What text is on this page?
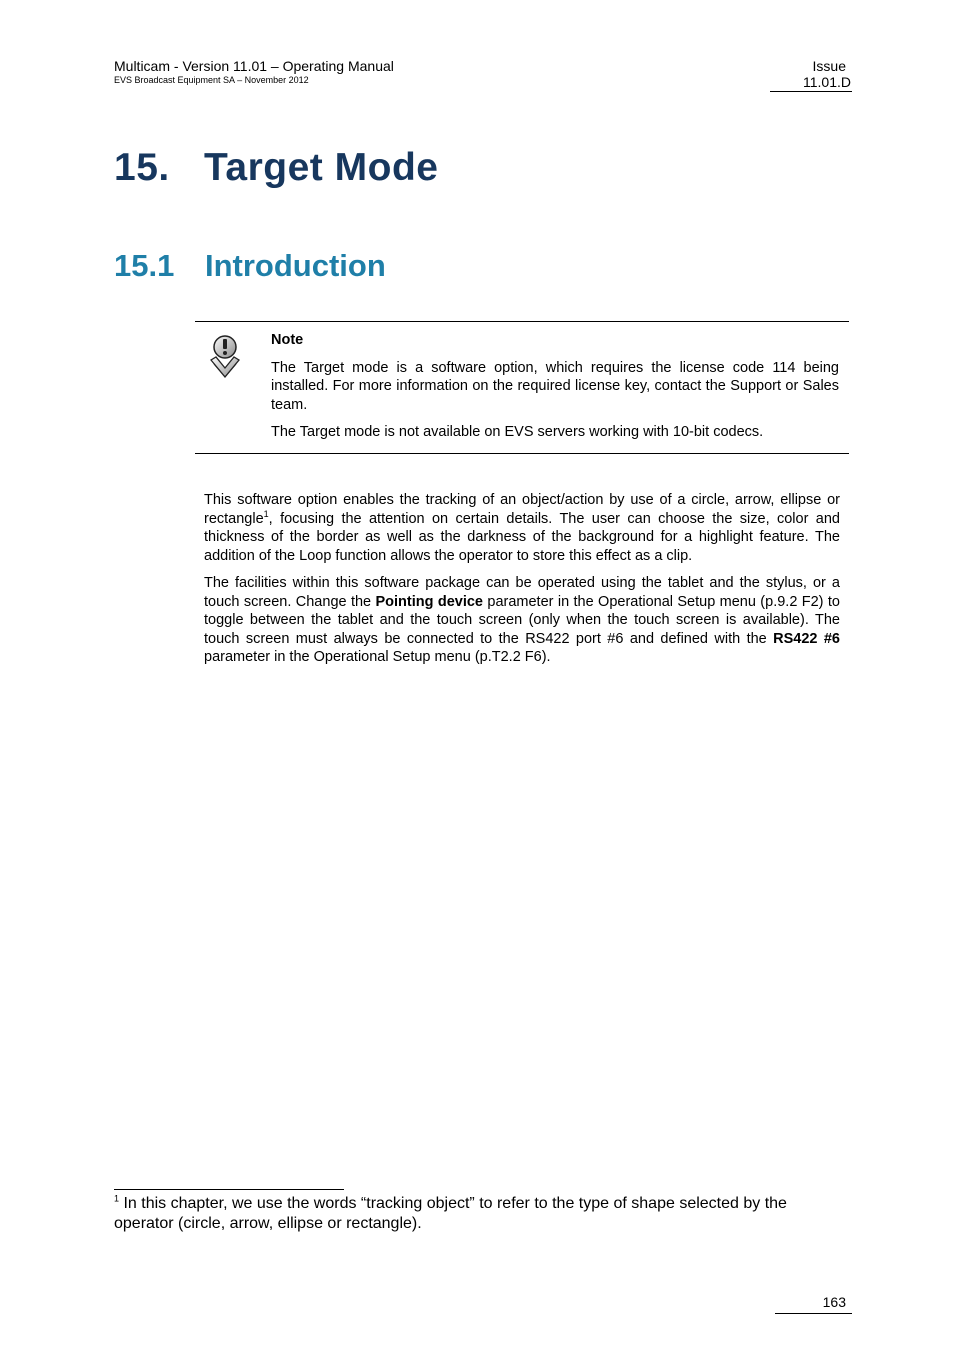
Multicam - Version 11.01 – Operating Manual
EVS Broadcast Equipment SA – November 2012
Issue
11.01.D
15. Target Mode
15.1 Introduction
Note

The Target mode is a software option, which requires the license code 114 being installed. For more information on the required license key, contact the Support or Sales team.

The Target mode is not available on EVS servers working with 10-bit codecs.

This software option enables the tracking of an object/action by use of a circle, arrow, ellipse or rectangle$^1$, focusing the attention on certain details. The user can choose the size, color and thickness of the border as well as the darkness of the background for a highlight feature. The addition of the Loop function allows the operator to store this effect as a clip.

The facilities within this software package can be operated using the tablet and the stylus, or a touch screen. Change the Pointing device parameter in the Operational Setup menu (p.9.2 F2) to toggle between the tablet and the touch screen (only when the touch screen is available). The touch screen must always be connected to the RS422 port #6 and defined with the RS422 #6 parameter in the Operational Setup menu (p.T2.2 F6).

$^1$ In this chapter, we use the words “tracking object” to refer to the type of shape selected by the operator (circle, arrow, ellipse or rectangle).
163
